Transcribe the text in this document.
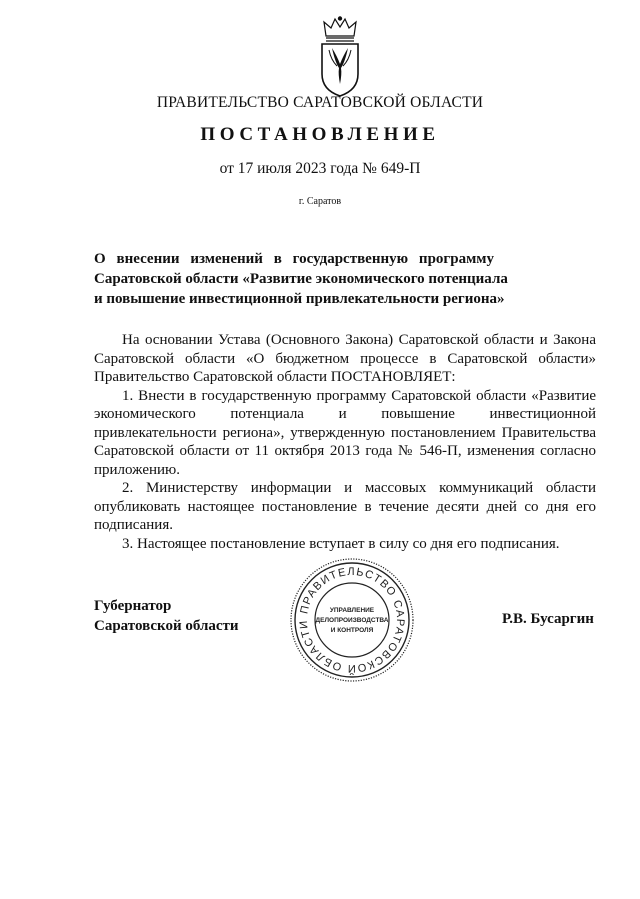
ПРАВИТЕЛЬСТВО САРАТОВСКОЙ ОБЛАСТИ
ПОСТАНОВЛЕНИЕ
от 17 июля 2023 года № 649-П
г. Саратов
О внесении изменений в государственную программу
Саратовской области «Развитие экономического потенциала
и повышение инвестиционной привлекательности региона»

На основании Устава (Основного Закона) Саратовской области и Закона Саратовской области «О бюджетном процессе в Саратовской области» Правительство Саратовской области ПОСТАНОВЛЯЕТ:

1. Внести в государственную программу Саратовской области «Развитие экономического потенциала и повышение инвестиционной привлекательности региона», утвержденную постановлением Правительства Саратовской области от 11 октября 2013 года № 546-П, изменения согласно приложению.

2. Министерству информации и массовых коммуникаций области опубликовать настоящее постановление в течение десяти дней со дня его подписания.

3. Настоящее постановление вступает в силу со дня его подписания.

Губернатор
Саратовской области	Р.В. Бусаргин
ПРАВИТЕЛЬСТВО САРАТОВСКОЙ ОБЛАСТИ
УПРАВЛЕНИЕ
ДЕЛОПРОИЗВОДСТВА
И КОНТРОЛЯ
